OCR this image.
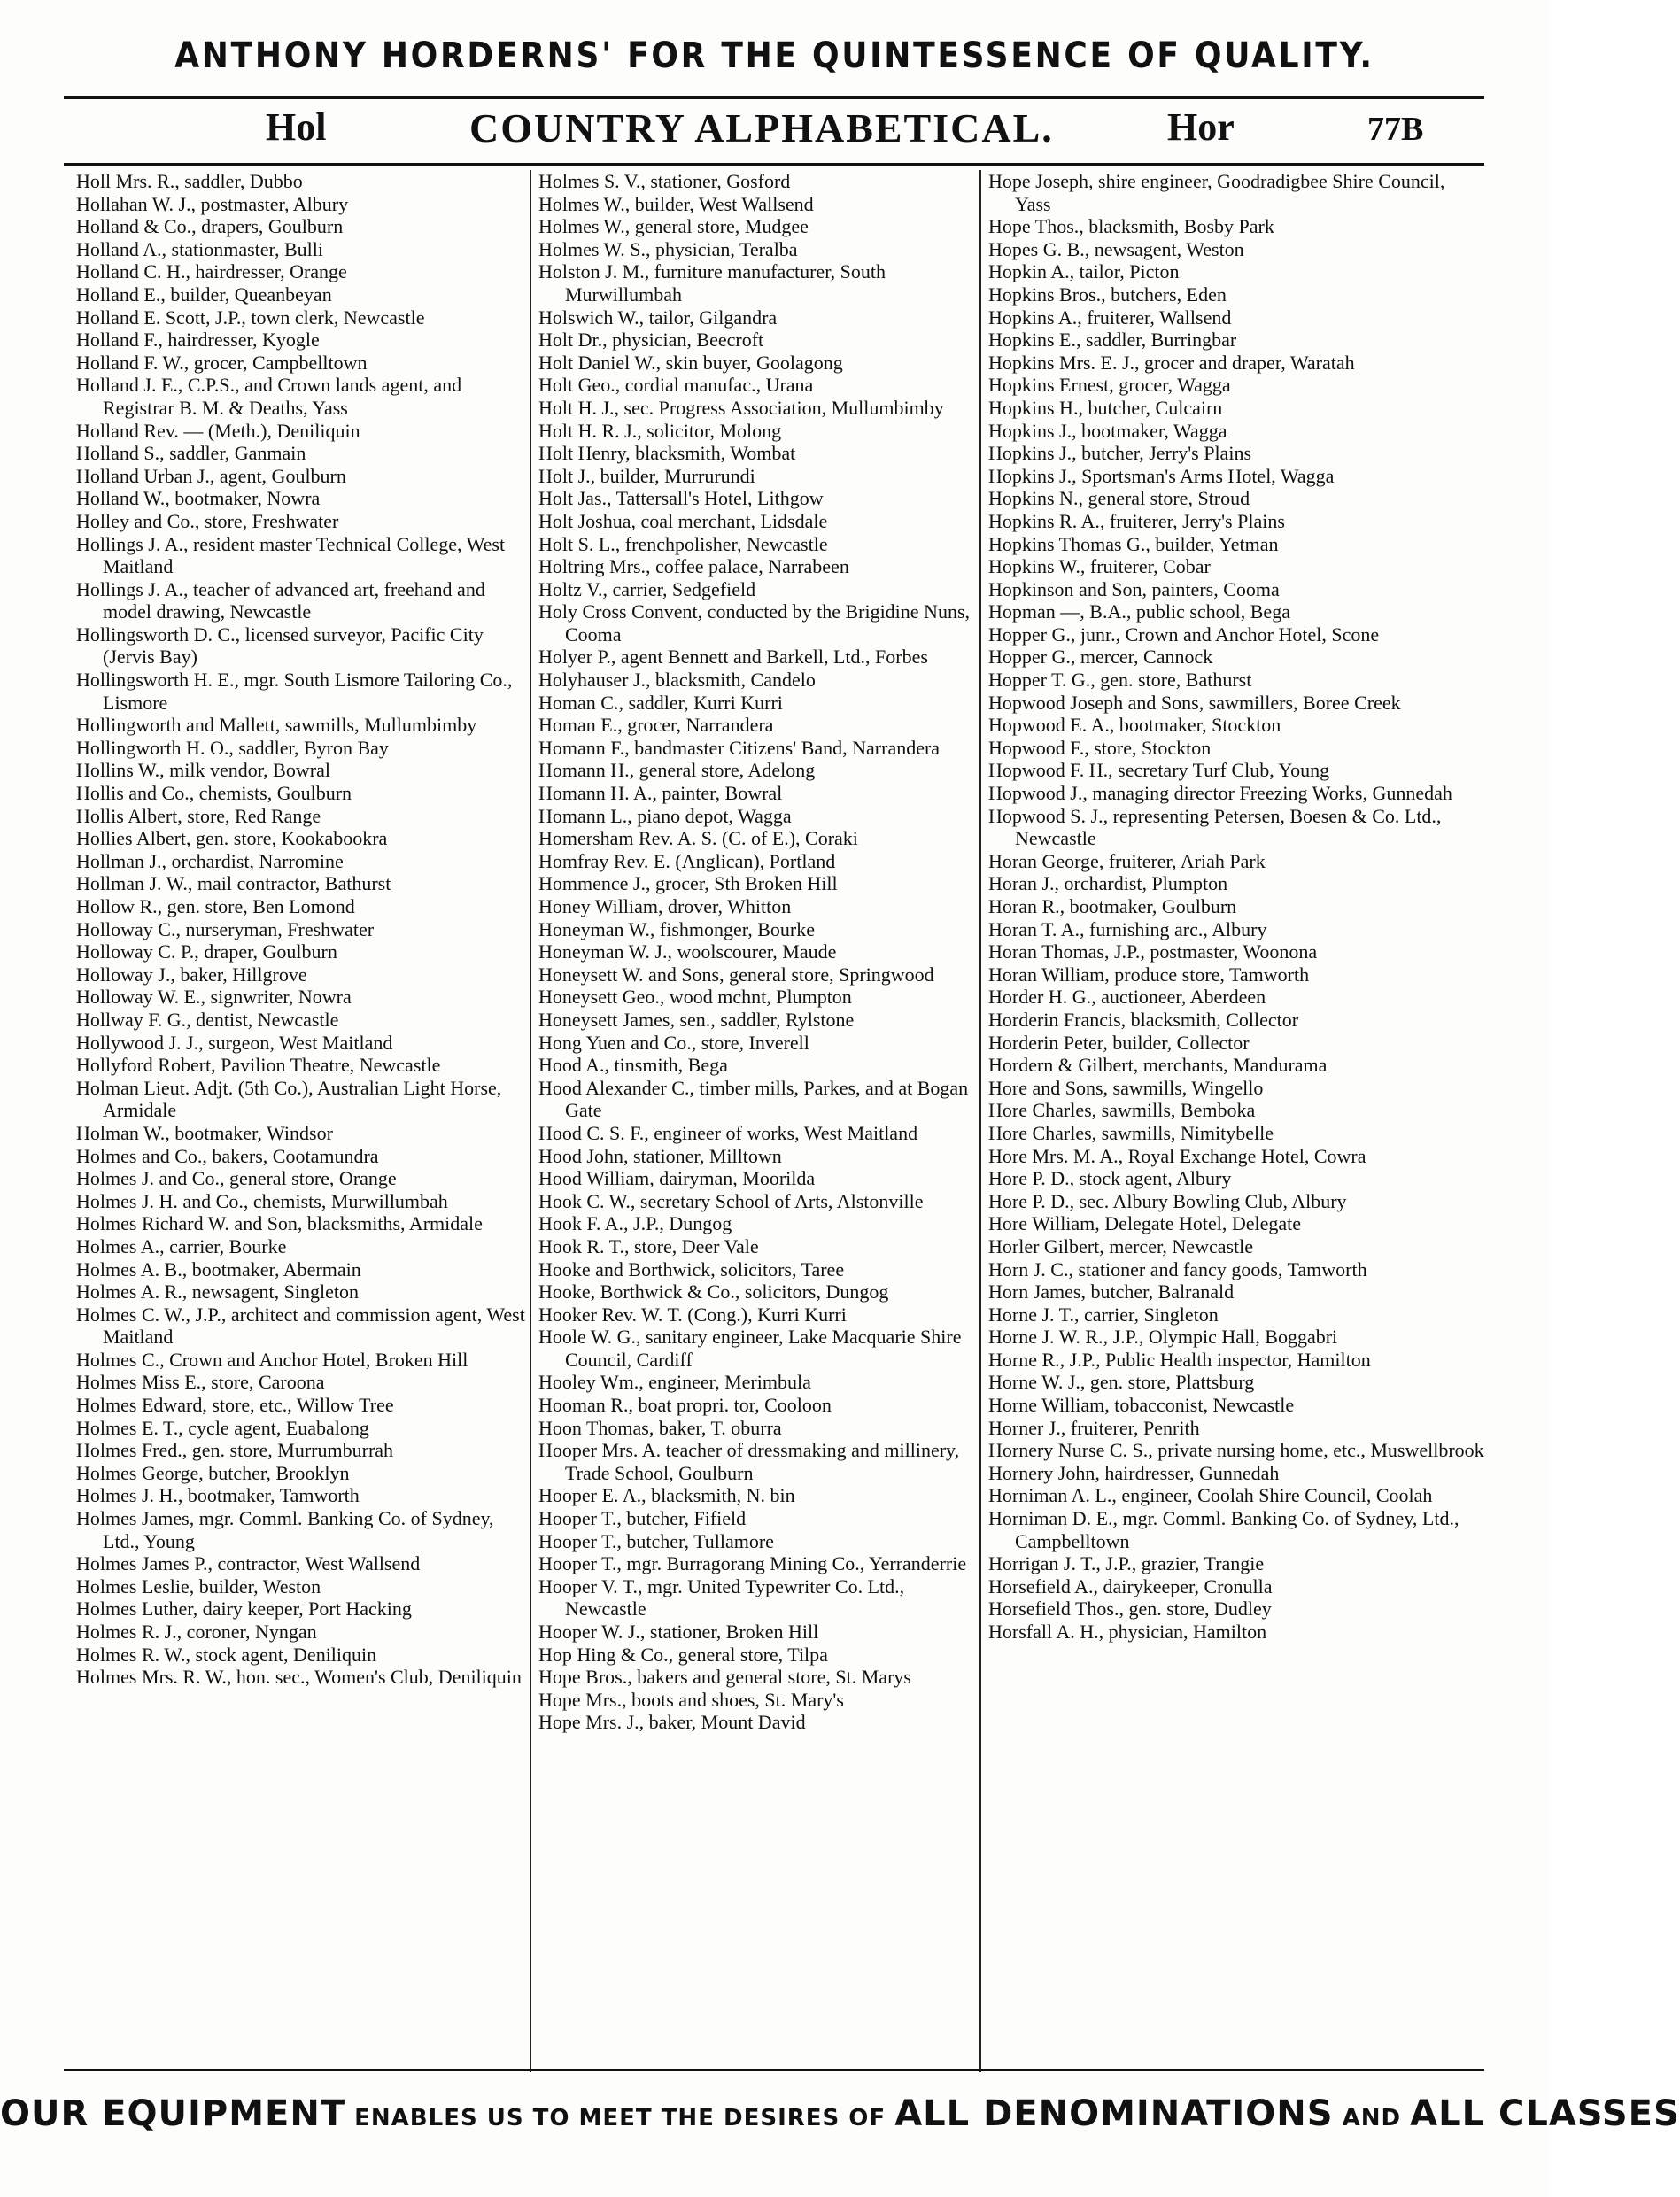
ANTHONY HORDERNS' FOR THE QUINTESSENCE OF QUALITY.
Hol	COUNTRY ALPHABETICAL.	Hor	77B

Holl Mrs. R., saddler, Dubbo

Hollahan W. J., postmaster, Albury

Holland & Co., drapers, Goulburn

Holland A., stationmaster, Bulli

Holland C. H., hairdresser, Orange

Holland E., builder, Queanbeyan

Holland E. Scott, J.P., town clerk, Newcastle

Holland F., hairdresser, Kyogle

Holland F. W., grocer, Campbelltown

Holland J. E., C.P.S., and Crown lands agent, and Registrar B. M. & Deaths, Yass

Holland Rev. — (Meth.), Deniliquin

Holland S., saddler, Ganmain

Holland Urban J., agent, Goulburn

Holland W., bootmaker, Nowra

Holley and Co., store, Freshwater

Hollings J. A., resident master Technical College, West Maitland

Hollings J. A., teacher of advanced art, freehand and model drawing, Newcastle

Hollingsworth D. C., licensed surveyor, Pacific City (Jervis Bay)

Hollingsworth H. E., mgr. South Lismore Tailoring Co., Lismore

Hollingworth and Mallett, sawmills, Mullumbimby

Hollingworth H. O., saddler, Byron Bay

Hollins W., milk vendor, Bowral

Hollis and Co., chemists, Goulburn

Hollis Albert, store, Red Range

Hollies Albert, gen. store, Kookabookra

Hollman J., orchardist, Narromine

Hollman J. W., mail contractor, Bathurst

Hollow R., gen. store, Ben Lomond

Holloway C., nurseryman, Freshwater

Holloway C. P., draper, Goulburn

Holloway J., baker, Hillgrove

Holloway W. E., signwriter, Nowra

Hollway F. G., dentist, Newcastle

Hollywood J. J., surgeon, West Maitland

Hollyford Robert, Pavilion Theatre, Newcastle

Holman Lieut. Adjt. (5th Co.), Australian Light Horse, Armidale

Holman W., bootmaker, Windsor

Holmes and Co., bakers, Cootamundra

Holmes J. and Co., general store, Orange

Holmes J. H. and Co., chemists, Murwillumbah

Holmes Richard W. and Son, blacksmiths, Armidale

Holmes A., carrier, Bourke

Holmes A. B., bootmaker, Abermain

Holmes A. R., newsagent, Singleton

Holmes C. W., J.P., architect and commission agent, West Maitland

Holmes C., Crown and Anchor Hotel, Broken Hill

Holmes Miss E., store, Caroona

Holmes Edward, store, etc., Willow Tree

Holmes E. T., cycle agent, Euabalong

Holmes Fred., gen. store, Murrumburrah

Holmes George, butcher, Brooklyn

Holmes J. H., bootmaker, Tamworth

Holmes James, mgr. Comml. Banking Co. of Sydney, Ltd., Young

Holmes James P., contractor, West Wallsend

Holmes Leslie, builder, Weston

Holmes Luther, dairy keeper, Port Hacking

Holmes R. J., coroner, Nyngan

Holmes R. W., stock agent, Deniliquin

Holmes Mrs. R. W., hon. sec., Women's Club, Deniliquin

Holmes S. V., stationer, Gosford

Holmes W., builder, West Wallsend

Holmes W., general store, Mudgee

Holmes W. S., physician, Teralba

Holston J. M., furniture manufacturer, South Murwillumbah

Holswich W., tailor, Gilgandra

Holt Dr., physician, Beecroft

Holt Daniel W., skin buyer, Goolagong

Holt Geo., cordial manufac., Urana

Holt H. J., sec. Progress Association, Mullumbimby

Holt H. R. J., solicitor, Molong

Holt Henry, blacksmith, Wombat

Holt J., builder, Murrurundi

Holt Jas., Tattersall's Hotel, Lithgow

Holt Joshua, coal merchant, Lidsdale

Holt S. L., frenchpolisher, Newcastle

Holtring Mrs., coffee palace, Narrabeen

Holtz V., carrier, Sedgefield

Holy Cross Convent, conducted by the Brigidine Nuns, Cooma

Holyer P., agent Bennett and Barkell, Ltd., Forbes

Holyhauser J., blacksmith, Candelo

Homan C., saddler, Kurri Kurri

Homan E., grocer, Narrandera

Homann F., bandmaster Citizens' Band, Narrandera

Homann H., general store, Adelong

Homann H. A., painter, Bowral

Homann L., piano depot, Wagga

Homersham Rev. A. S. (C. of E.), Coraki

Homfray Rev. E. (Anglican), Portland

Hommence J., grocer, Sth Broken Hill

Honey William, drover, Whitton

Honeyman W., fishmonger, Bourke

Honeyman W. J., woolscourer, Maude

Honeysett W. and Sons, general store, Springwood

Honeysett Geo., wood mchnt, Plumpton

Honeysett James, sen., saddler, Rylstone

Hong Yuen and Co., store, Inverell

Hood A., tinsmith, Bega

Hood Alexander C., timber mills, Parkes, and at Bogan Gate

Hood C. S. F., engineer of works, West Maitland

Hood John, stationer, Milltown

Hood William, dairyman, Moorilda

Hook C. W., secretary School of Arts, Alstonville

Hook F. A., J.P., Dungog

Hook R. T., store, Deer Vale

Hooke and Borthwick, solicitors, Taree

Hooke, Borthwick & Co., solicitors, Dungog

Hooker Rev. W. T. (Cong.), Kurri Kurri

Hoole W. G., sanitary engineer, Lake Macquarie Shire Council, Cardiff

Hooley Wm., engineer, Merimbula

Hooman R., boat propri. tor, Cooloon

Hoon Thomas, baker, T. oburra

Hooper Mrs. A. teacher of dressmaking and millinery, Trade School, Goulburn

Hooper E. A., blacksmith, N. bin

Hooper T., butcher, Fifield

Hooper T., butcher, Tullamore

Hooper T., mgr. Burragorang Mining Co., Yerranderrie

Hooper V. T., mgr. United Typewriter Co. Ltd., Newcastle

Hooper W. J., stationer, Broken Hill

Hop Hing & Co., general store, Tilpa

Hope Bros., bakers and general store, St. Marys

Hope Mrs., boots and shoes, St. Mary's

Hope Mrs. J., baker, Mount David

Hope Joseph, shire engineer, Goodradigbee Shire Council, Yass

Hope Thos., blacksmith, Bosby Park

Hopes G. B., newsagent, Weston

Hopkin A., tailor, Picton

Hopkins Bros., butchers, Eden

Hopkins A., fruiterer, Wallsend

Hopkins E., saddler, Burringbar

Hopkins Mrs. E. J., grocer and draper, Waratah

Hopkins Ernest, grocer, Wagga

Hopkins H., butcher, Culcairn

Hopkins J., bootmaker, Wagga

Hopkins J., butcher, Jerry's Plains

Hopkins J., Sportsman's Arms Hotel, Wagga

Hopkins N., general store, Stroud

Hopkins R. A., fruiterer, Jerry's Plains

Hopkins Thomas G., builder, Yetman

Hopkins W., fruiterer, Cobar

Hopkinson and Son, painters, Cooma

Hopman —, B.A., public school, Bega

Hopper G., junr., Crown and Anchor Hotel, Scone

Hopper G., mercer, Cannock

Hopper T. G., gen. store, Bathurst

Hopwood Joseph and Sons, sawmillers, Boree Creek

Hopwood E. A., bootmaker, Stockton

Hopwood F., store, Stockton

Hopwood F. H., secretary Turf Club, Young

Hopwood J., managing director Freezing Works, Gunnedah

Hopwood S. J., representing Petersen, Boesen & Co. Ltd., Newcastle

Horan George, fruiterer, Ariah Park

Horan J., orchardist, Plumpton

Horan R., bootmaker, Goulburn

Horan T. A., furnishing arc., Albury

Horan Thomas, J.P., postmaster, Woonona

Horan William, produce store, Tamworth

Horder H. G., auctioneer, Aberdeen

Horderin Francis, blacksmith, Collector

Horderin Peter, builder, Collector

Hordern & Gilbert, merchants, Mandurama

Hore and Sons, sawmills, Wingello

Hore Charles, sawmills, Bemboka

Hore Charles, sawmills, Nimitybelle

Hore Mrs. M. A., Royal Exchange Hotel, Cowra

Hore P. D., stock agent, Albury

Hore P. D., sec. Albury Bowling Club, Albury

Hore William, Delegate Hotel, Delegate

Horler Gilbert, mercer, Newcastle

Horn J. C., stationer and fancy goods, Tamworth

Horn James, butcher, Balranald

Horne J. T., carrier, Singleton

Horne J. W. R., J.P., Olympic Hall, Boggabri

Horne R., J.P., Public Health inspector, Hamilton

Horne W. J., gen. store, Plattsburg

Horne William, tobacconist, Newcastle

Horner J., fruiterer, Penrith

Hornery Nurse C. S., private nursing home, etc., Muswellbrook

Hornery John, hairdresser, Gunnedah

Horniman A. L., engineer, Coolah Shire Council, Coolah

Horniman D. E., mgr. Comml. Banking Co. of Sydney, Ltd., Campbelltown

Horrigan J. T., J.P., grazier, Trangie

Horsefield A., dairykeeper, Cronulla

Horsefield Thos., gen. store, Dudley

Horsfall A. H., physician, Hamilton

OUR EQUIPMENT ENABLES US TO MEET THE DESIRES OF ALL DENOMINATIONS AND ALL CLASSES
